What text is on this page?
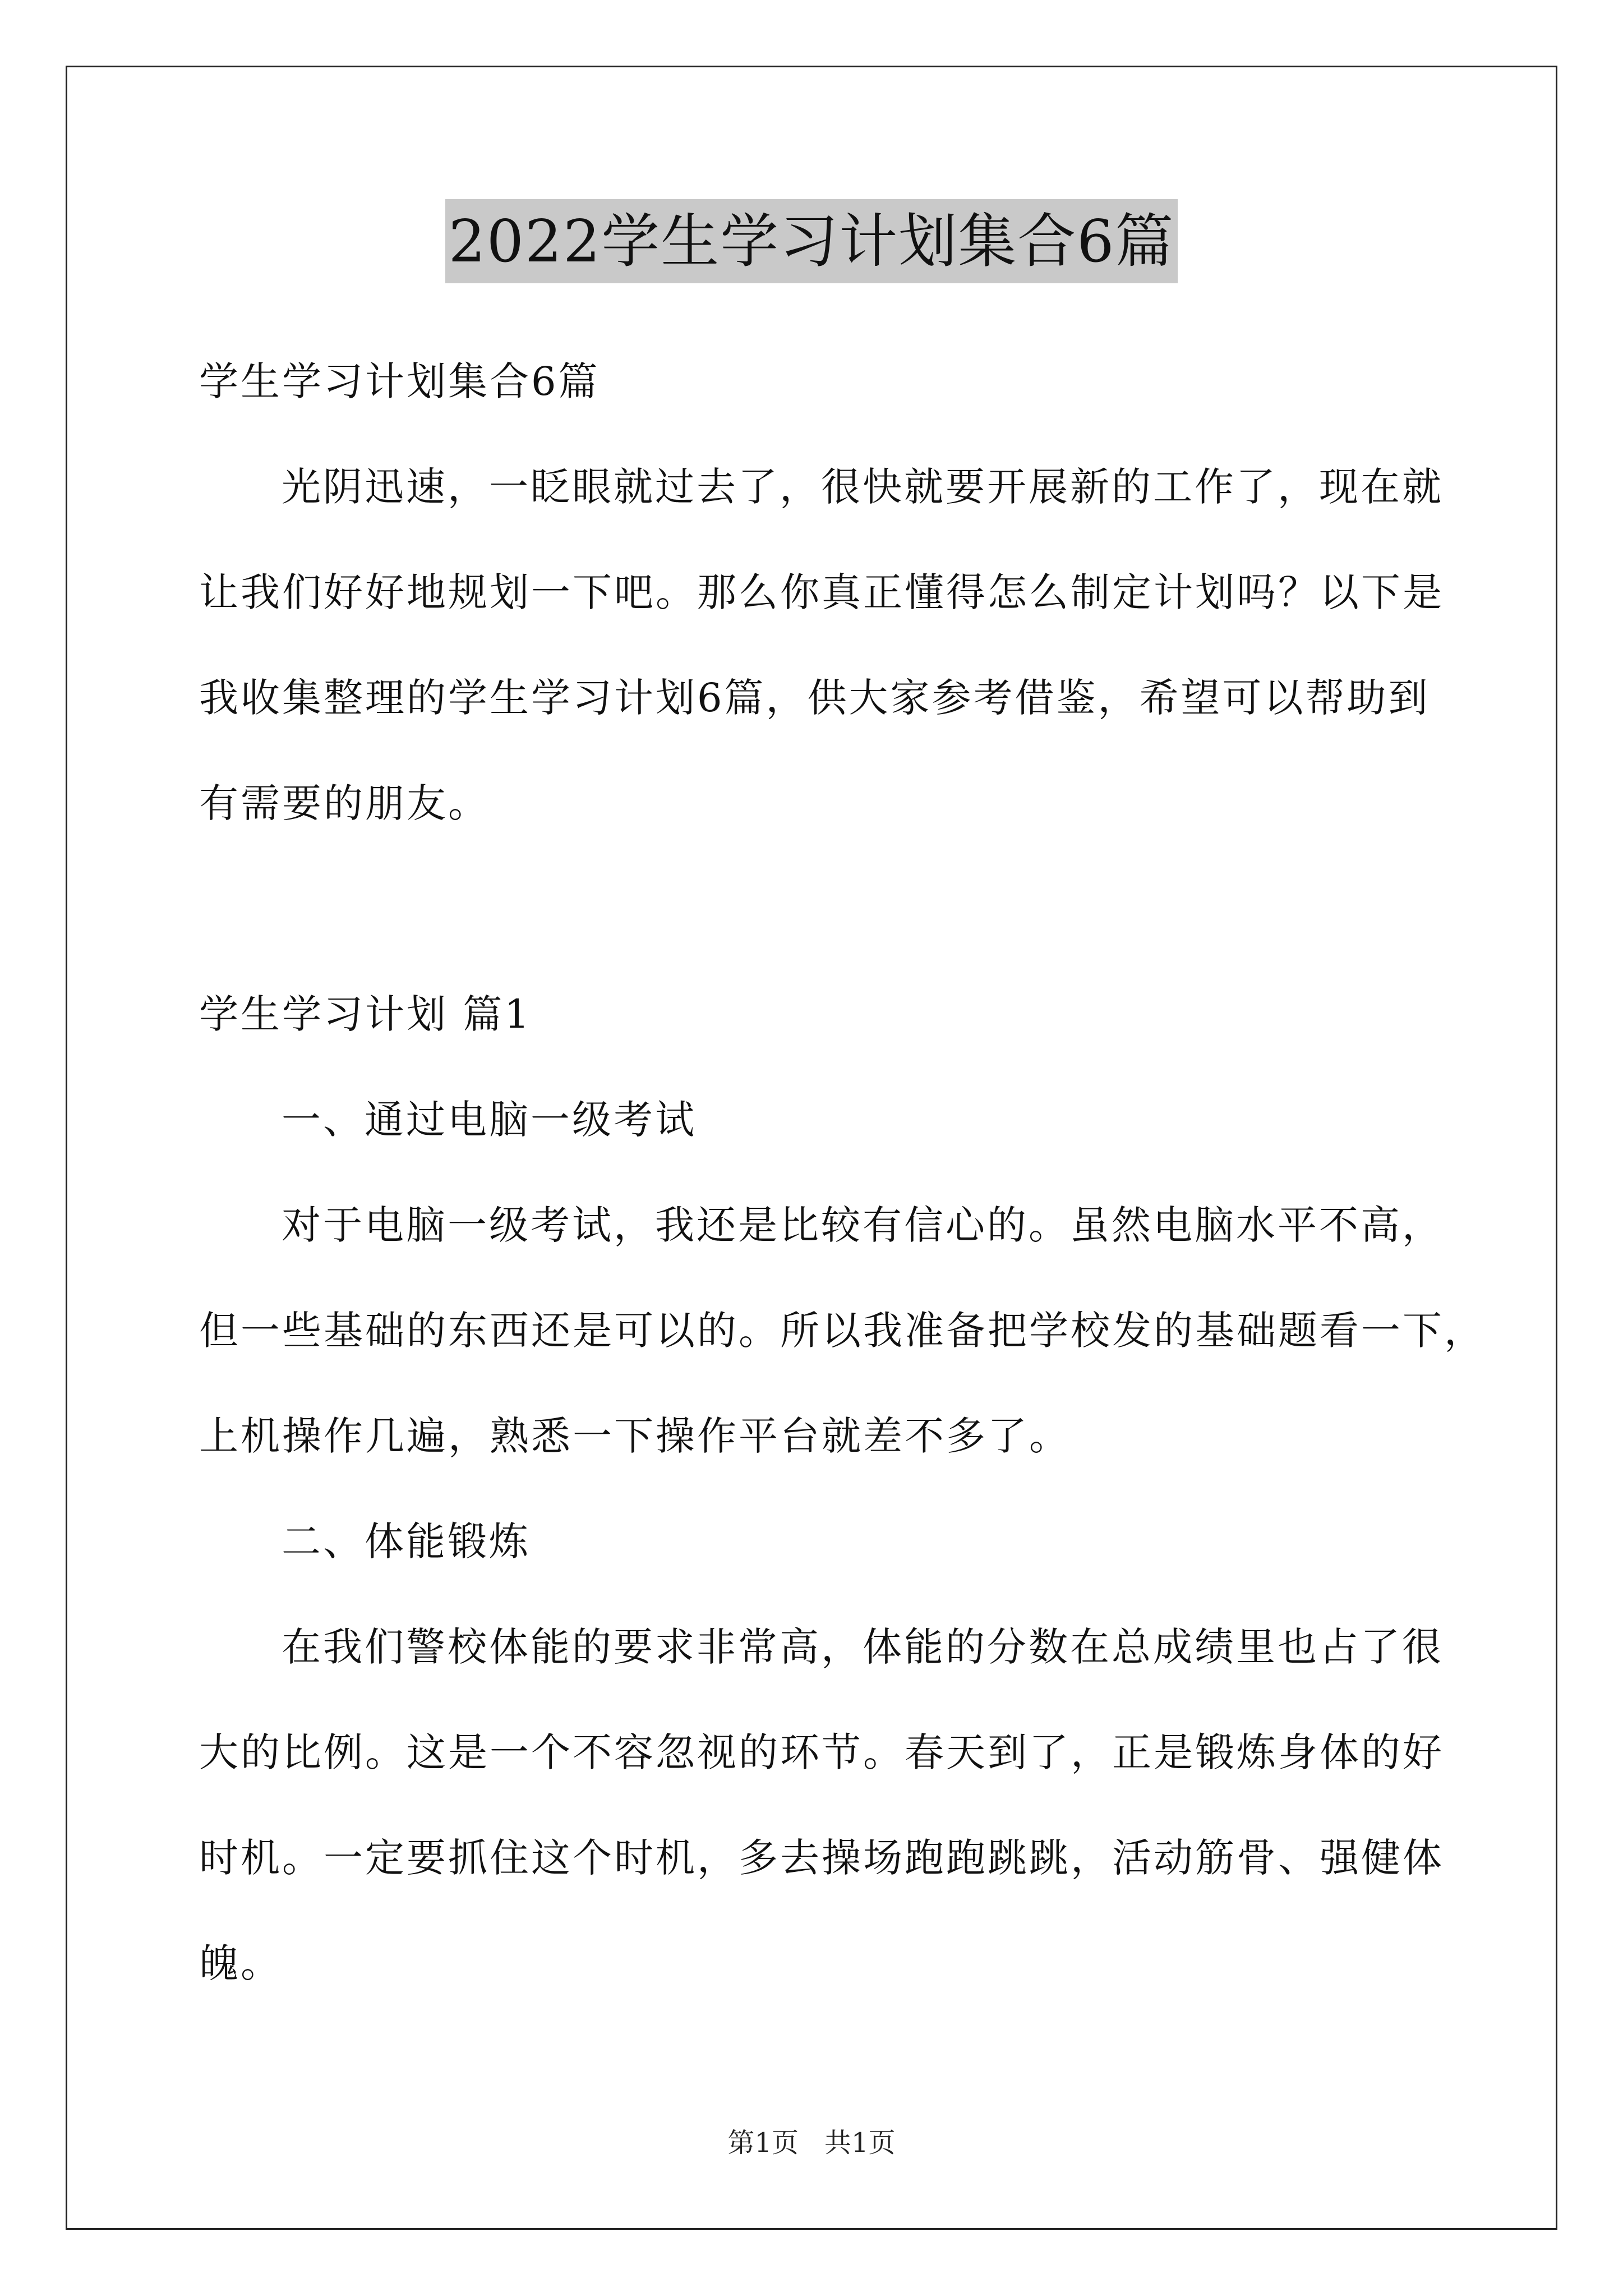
2022学生学习计划集合6篇
学生学习计划集合6篇
光阴迅速，一眨眼就过去了，很快就要开展新的工作了，现在就
让我们好好地规划一下吧。那么你真正懂得怎么制定计划吗？以下是
我收集整理的学生学习计划6篇，供大家参考借鉴，希望可以帮助到
有需要的朋友。
学生学习计划 篇1
一、通过电脑一级考试
对于电脑一级考试，我还是比较有信心的。虽然电脑水平不高，
但一些基础的东西还是可以的。所以我准备把学校发的基础题看一下，
上机操作几遍，熟悉一下操作平台就差不多了。
二、体能锻炼
在我们警校体能的要求非常高，体能的分数在总成绩里也占了很
大的比例。这是一个不容忽视的环节。春天到了，正是锻炼身体的好
时机。一定要抓住这个时机，多去操场跑跑跳跳，活动筋骨、强健体
魄。
第1页 共1页
